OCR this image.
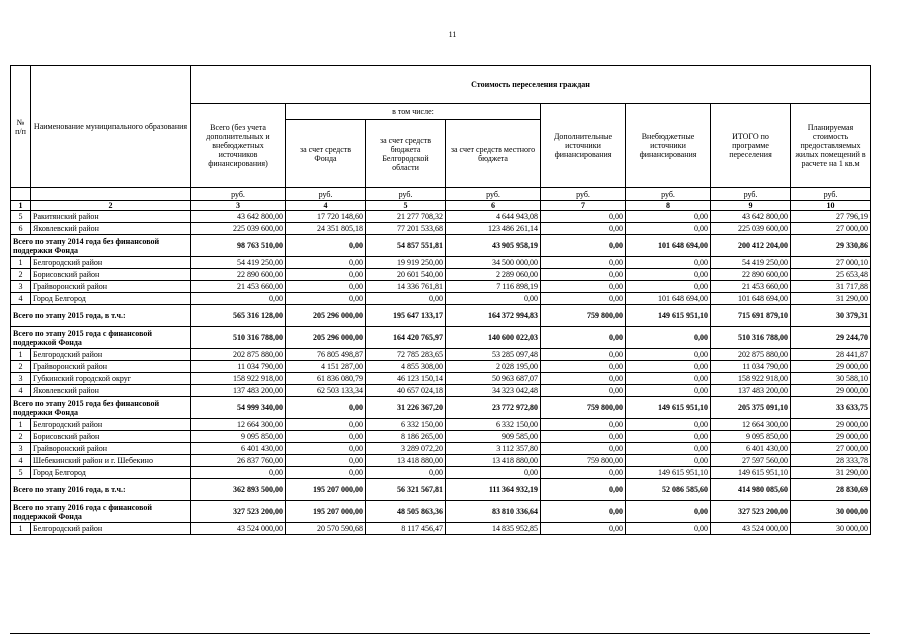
11
№ п/п	Наименование муниципального образования	Стоимость переселения граждан							
		Всего (без учета дополнительных и внебюджетных источников финансирования)	в том числе:			Дополнительные источники финансирования	Внебюджетные источники финансирования	ИТОГО по программе переселения	Планируемая стоимость предоставляемых жилых помещений в расчете на 1 кв.м
			за счет средств Фонда	за счет средств бюджета Белгородской области	за счет средств местного бюджета				
		руб.	руб.	руб.	руб.	руб.	руб.	руб.	руб.
1	2	3	4	5	6	7	8	9	10
5	Ракитянский район	43 642 800,00	17 720 148,60	21 277 708,32	4 644 943,08	0,00	0,00	43 642 800,00	27 796,19
6	Яковлевский район	225 039 600,00	24 351 805,18	77 201 533,68	123 486 261,14	0,00	0,00	225 039 600,00	27 000,00
Всего по этапу 2014 года без финансовой поддержки Фонда		98 763 510,00	0,00	54 857 551,81	43 905 958,19	0,00	101 648 694,00	200 412 204,00	29 330,86
1	Белгородский район	54 419 250,00	0,00	19 919 250,00	34 500 000,00	0,00	0,00	54 419 250,00	27 000,10
2	Борисовский район	22 890 600,00	0,00	20 601 540,00	2 289 060,00	0,00	0,00	22 890 600,00	25 653,48
3	Грайворонский район	21 453 660,00	0,00	14 336 761,81	7 116 898,19	0,00	0,00	21 453 660,00	31 717,88
4	Город Белгород	0,00	0,00	0,00	0,00	0,00	101 648 694,00	101 648 694,00	31 290,00
Всего по этапу 2015 года, в т.ч.:		565 316 128,00	205 296 000,00	195 647 133,17	164 372 994,83	759 800,00	149 615 951,10	715 691 879,10	30 379,31
Всего по этапу 2015 года с финансовой поддержкой Фонда		510 316 788,00	205 296 000,00	164 420 765,97	140 600 022,03	0,00	0,00	510 316 788,00	29 244,70
1	Белгородский район	202 875 880,00	76 805 498,87	72 785 283,65	53 285 097,48	0,00	0,00	202 875 880,00	28 441,87
2	Грайворонский район	11 034 790,00	4 151 287,00	4 855 308,00	2 028 195,00	0,00	0,00	11 034 790,00	29 000,00
3	Губкинский городской округ	158 922 918,00	61 836 080,79	46 123 150,14	50 963 687,07	0,00	0,00	158 922 918,00	30 588,10
4	Яковлевский район	137 483 200,00	62 503 133,34	40 657 024,18	34 323 042,48	0,00	0,00	137 483 200,00	29 000,00
Всего по этапу 2015 года без финансовой поддержки Фонда		54 999 340,00	0,00	31 226 367,20	23 772 972,80	759 800,00	149 615 951,10	205 375 091,10	33 633,75
1	Белгородский район	12 664 300,00	0,00	6 332 150,00	6 332 150,00	0,00	0,00	12 664 300,00	29 000,00
2	Борисовский район	9 095 850,00	0,00	8 186 265,00	909 585,00	0,00	0,00	9 095 850,00	29 000,00
3	Грайворонский район	6 401 430,00	0,00	3 289 072,20	3 112 357,80	0,00	0,00	6 401 430,00	27 000,00
4	Шебекинский район и г. Шебекино	26 837 760,00	0,00	13 418 880,00	13 418 880,00	759 800,00	0,00	27 597 560,00	28 333,78
5	Город Белгород	0,00	0,00	0,00	0,00	0,00	149 615 951,10	149 615 951,10	31 290,00
Всего по этапу 2016 года, в т.ч.:		362 893 500,00	195 207 000,00	56 321 567,81	111 364 932,19	0,00	52 086 585,60	414 980 085,60	28 830,69
Всего по этапу 2016 года с финансовой поддержкой Фонда		327 523 200,00	195 207 000,00	48 505 863,36	83 810 336,64	0,00	0,00	327 523 200,00	30 000,00
1	Белгородский район	43 524 000,00	20 570 590,68	8 117 456,47	14 835 952,85	0,00	0,00	43 524 000,00	30 000,00
